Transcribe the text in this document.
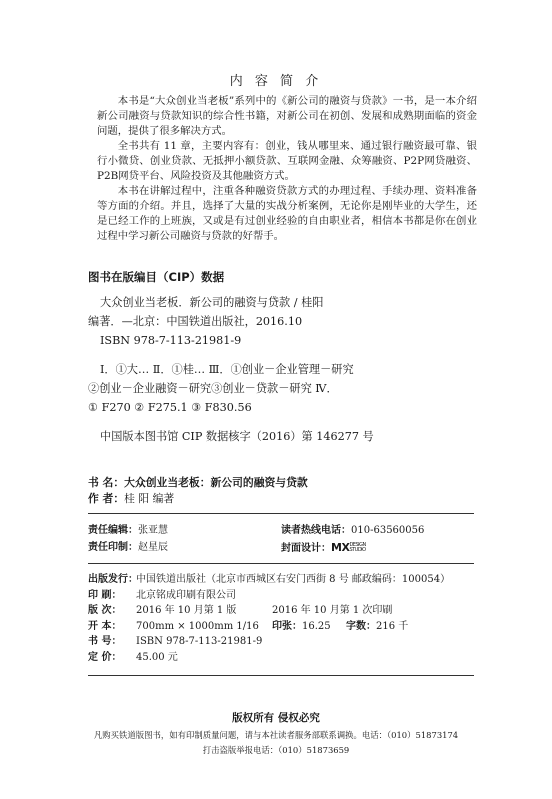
内 容 简 介

本书是“大众创业当老板”系列中的《新公司的融资与贷款》一书，是一本介绍新公司融资与贷款知识的综合性书籍，对新公司在初创、发展和成熟期面临的资金问题，提供了很多解决方式。

全书共有 11 章，主要内容有：创业，钱从哪里来、通过银行融资最可靠、银行小微贷、创业贷款、无抵押小额贷款、互联网金融、众筹融资、P2P网贷融资、P2B网贷平台、风险投资及其他融资方式。

本书在讲解过程中，注重各种融资贷款方式的办理过程、手续办理、资料准备等方面的介绍。并且，选择了大量的实战分析案例，无论你是刚毕业的大学生，还是已经工作的上班族，又或是有过创业经验的自由职业者，相信本书都是你在创业过程中学习新公司融资与贷款的好帮手。

图书在版编目（CIP）数据
大众创业当老板．新公司的融资与贷款 / 桂阳
编著．—北京：中国铁道出版社，2016.10
ISBN 978-7-113-21981-9
Ⅰ．①大… Ⅱ．①桂… Ⅲ．①创业－企业管理－研究
②创业－企业融资－研究③创业－贷款－研究 Ⅳ．
① F270 ② F275.1 ③ F830.56
中国版本图书馆 CIP 数据核字（2016）第 146277 号
书 名：大众创业当老板：新公司的融资与贷款
作 者：桂 阳 编著
责任编辑：张亚慧	读者热线电话：010-63560056
责任印制：赵星辰	封面设计：MX DESIGN
STUDIO
出版发行：中国铁道出版社（北京市西城区右安门西街 8 号 邮政编码：100054）
印 刷： 北京铭成印刷有限公司
版 次： 2016 年 10 月第 1 版	2016 年 10 月第 1 次印刷
开 本： 700mm × 1000mm 1/16 印张：16.25 字数：216 千
书 号： ISBN 978-7-113-21981-9
定 价： 45.00 元
版权所有 侵权必究
凡购买铁道版图书，如有印制质量问题，请与本社读者服务部联系调换。电话：（010）51873174
打击盗版举报电话：（010）51873659
